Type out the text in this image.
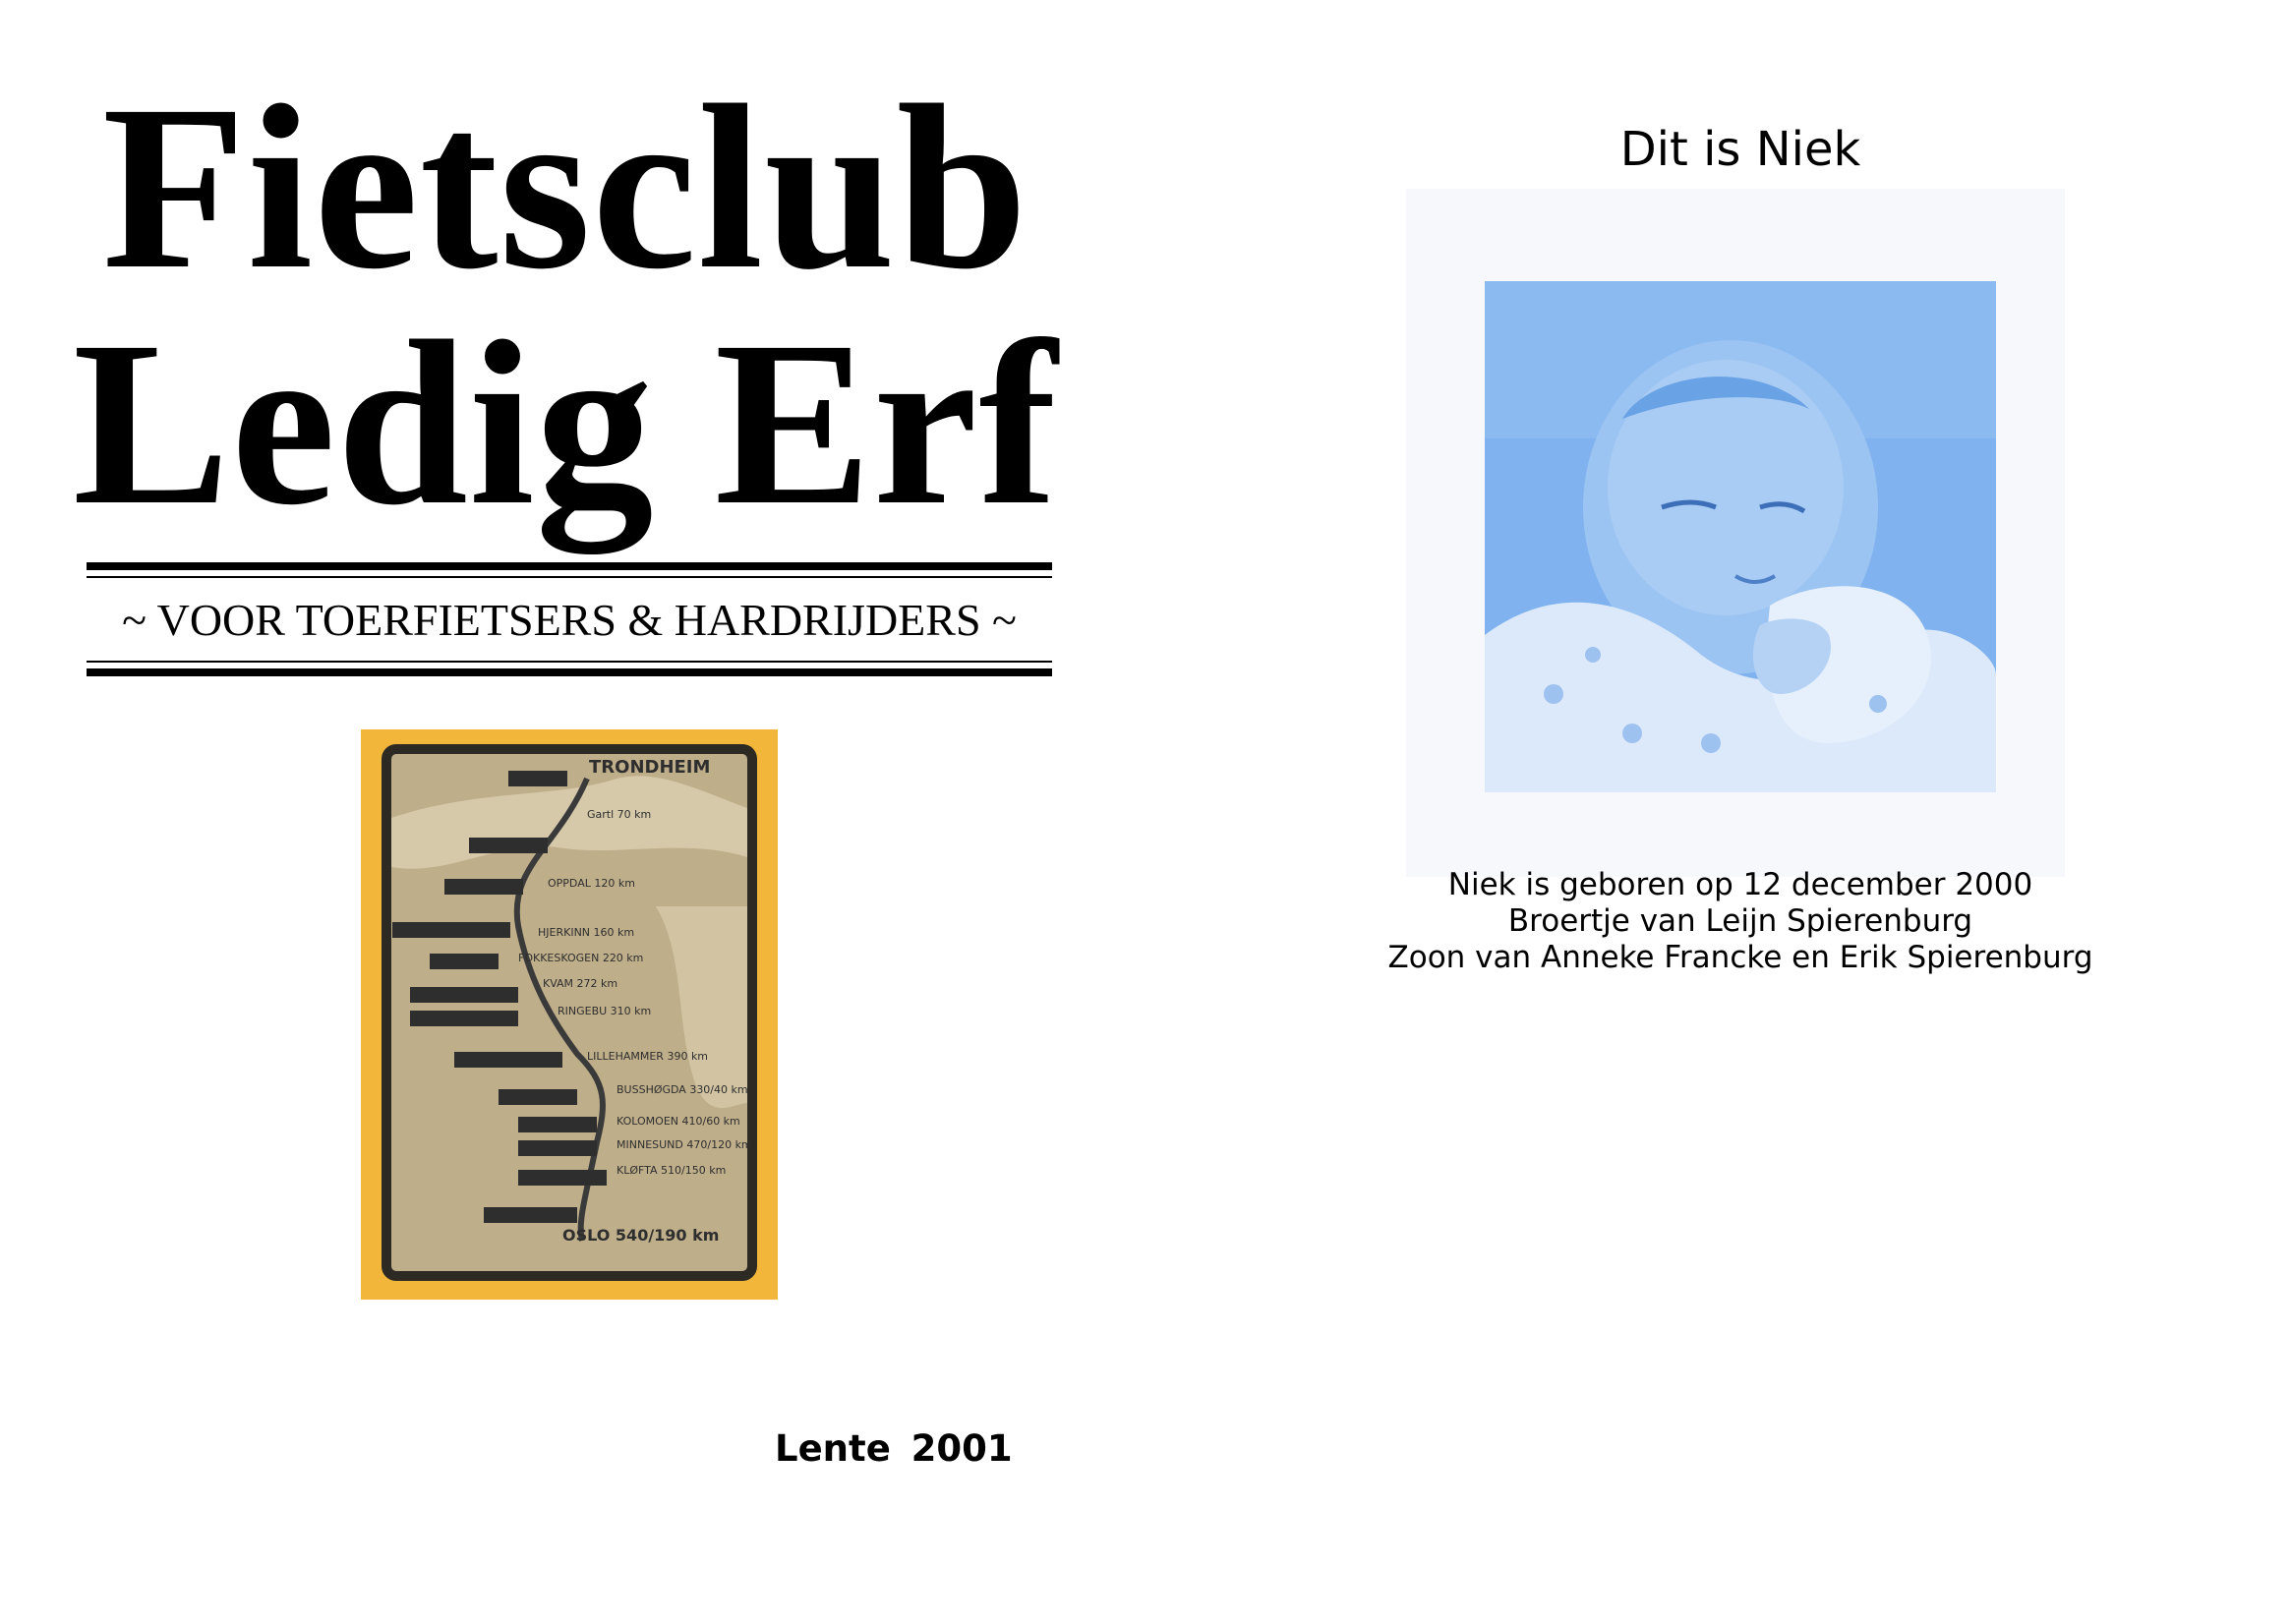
Fietsclub
Ledig Erf
~ VOOR TOERFIETSERS & HARDRIJDERS ~
Gartl 70 km
OPPDAL 120 km
HJERKINN 160 km
FOKKESKOGEN 220 km
KVAM 272 km
RINGEBU 310 km
LILLEHAMMER 390 km
BUSSHØGDA 330/40 km
KOLOMOEN 410/60 km
MINNESUND 470/120 km
KLØFTA 510/150 km
TRONDHEIM
OSLO 540/190 km
Lente 2001
Dit is Niek
Niek is geboren op 12 december 2000
Broertje van Leijn Spierenburg
Zoon van Anneke Francke en Erik Spierenburg
